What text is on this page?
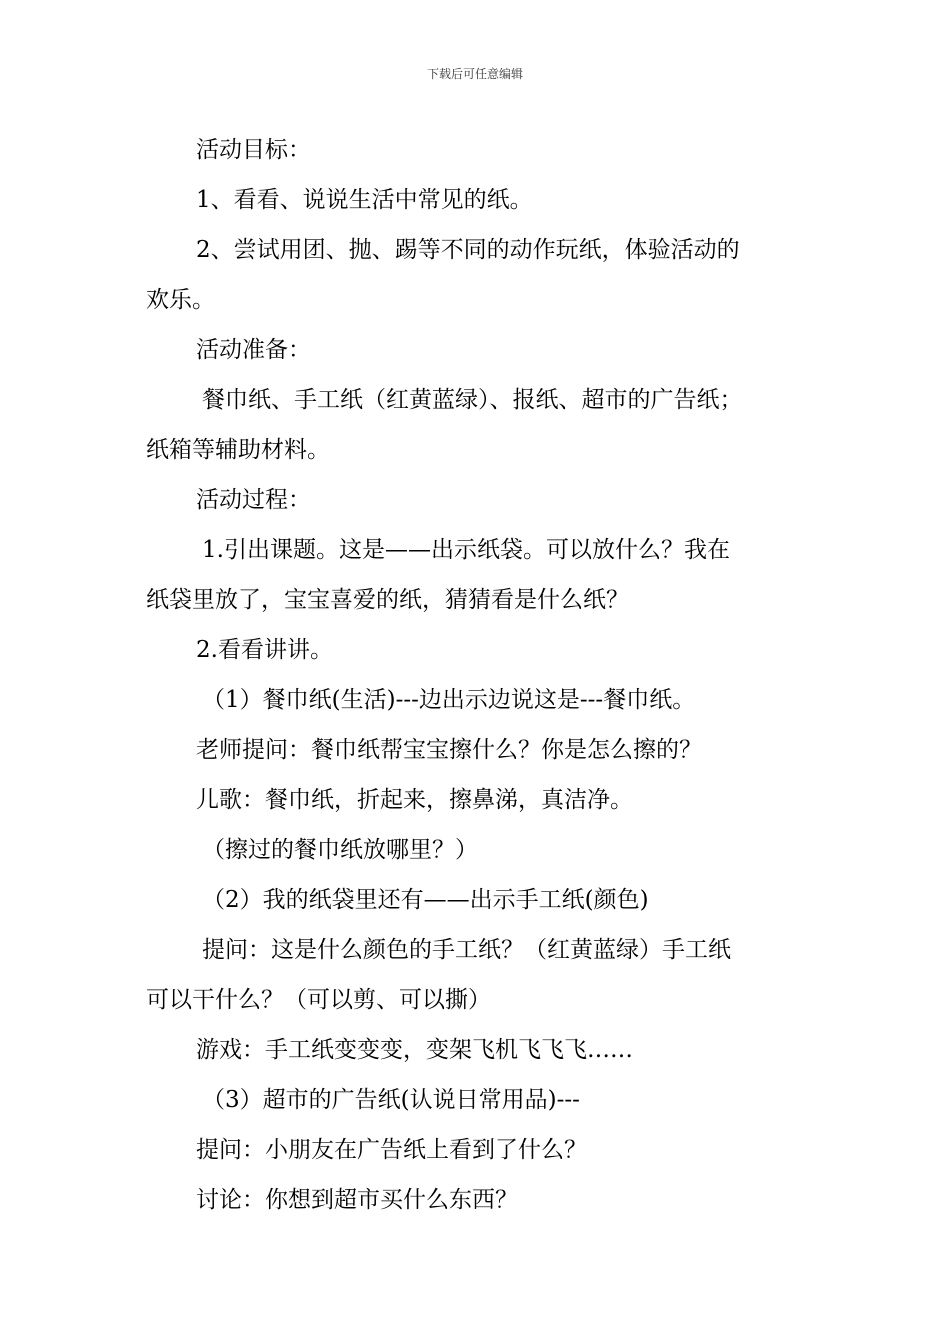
下载后可任意编辑
活动目标：
1、看看、说说生活中常见的纸。
2、尝试用团、抛、踢等不同的动作玩纸，体验活动的
欢乐。
活动准备：
餐巾纸、手工纸（红黄蓝绿）、报纸、超市的广告纸；
纸箱等辅助材料。
活动过程：
1.引出课题。这是——出示纸袋。可以放什么？我在
纸袋里放了，宝宝喜爱的纸，猜猜看是什么纸？
2.看看讲讲。
（1）餐巾纸(生活)---边出示边说这是---餐巾纸。
老师提问：餐巾纸帮宝宝擦什么？你是怎么擦的？
儿歌：餐巾纸，折起来，擦鼻涕，真洁净。
（擦过的餐巾纸放哪里？）
（2）我的纸袋里还有——出示手工纸(颜色)
提问：这是什么颜色的手工纸？（红黄蓝绿）手工纸
可以干什么？（可以剪、可以撕）
游戏：手工纸变变变，变架飞机飞飞飞……
（3）超市的广告纸(认说日常用品)---
提问：小朋友在广告纸上看到了什么？
讨论：你想到超市买什么东西？
